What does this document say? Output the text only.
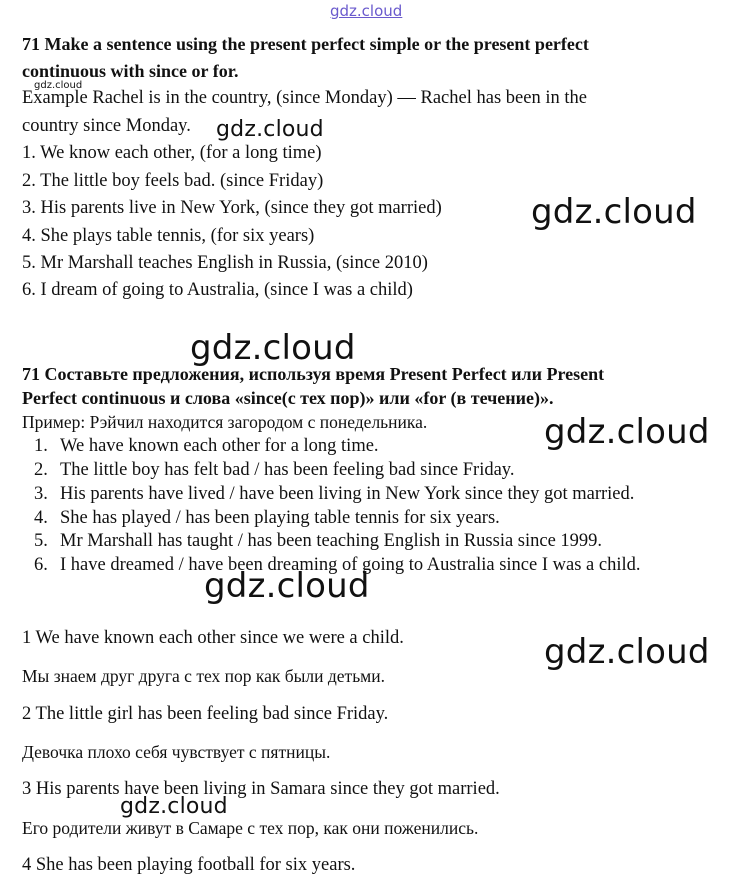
gdz.cloud
71 Make a sentence using the present perfect simple or the present perfect
continuous with since or for.
gdz.cloud
Example Rachel is in the country, (since Monday) — Rachel has been in the
country since Monday.
1. We know each other, (for a long time)
2. The little boy feels bad. (since Friday)
3. His parents live in New York, (since they got married)
4. She plays table tennis, (for six years)
5. Mr Marshall teaches English in Russia, (since 2010)
6. I dream of going to Australia, (since I was a child)
gdz.cloud
gdz.cloud
gdz.cloud
71 Составьте предложения, используя время Present Perfect или Present
Perfect continuous и слова «since(с тех пор)» или «for (в течение)».
Пример: Рэйчил находится загородом с понедельника.
1. We have known each other for a long time.
2. The little boy has felt bad / has been feeling bad since Friday.
3. His parents have lived / have been living in New York since they got married.
4. She has played / has been playing table tennis for six years.
5. Mr Marshall has taught / has been teaching English in Russia since 1999.
6. I have dreamed / have been dreaming of going to Australia since I was a child.
gdz.cloud
gdz.cloud
1 We have known each other since we were a child.
Мы знаем друг друга с тех пор как были детьми.
2 The little girl has been feeling bad since Friday.
Девочка плохо себя чувствует с пятницы.
3 His parents have been living in Samara since they got married.
Его родители живут в Самаре с тех пор, как они поженились.
4 She has been playing football for six years.
gdz.cloud
gdz.cloud
